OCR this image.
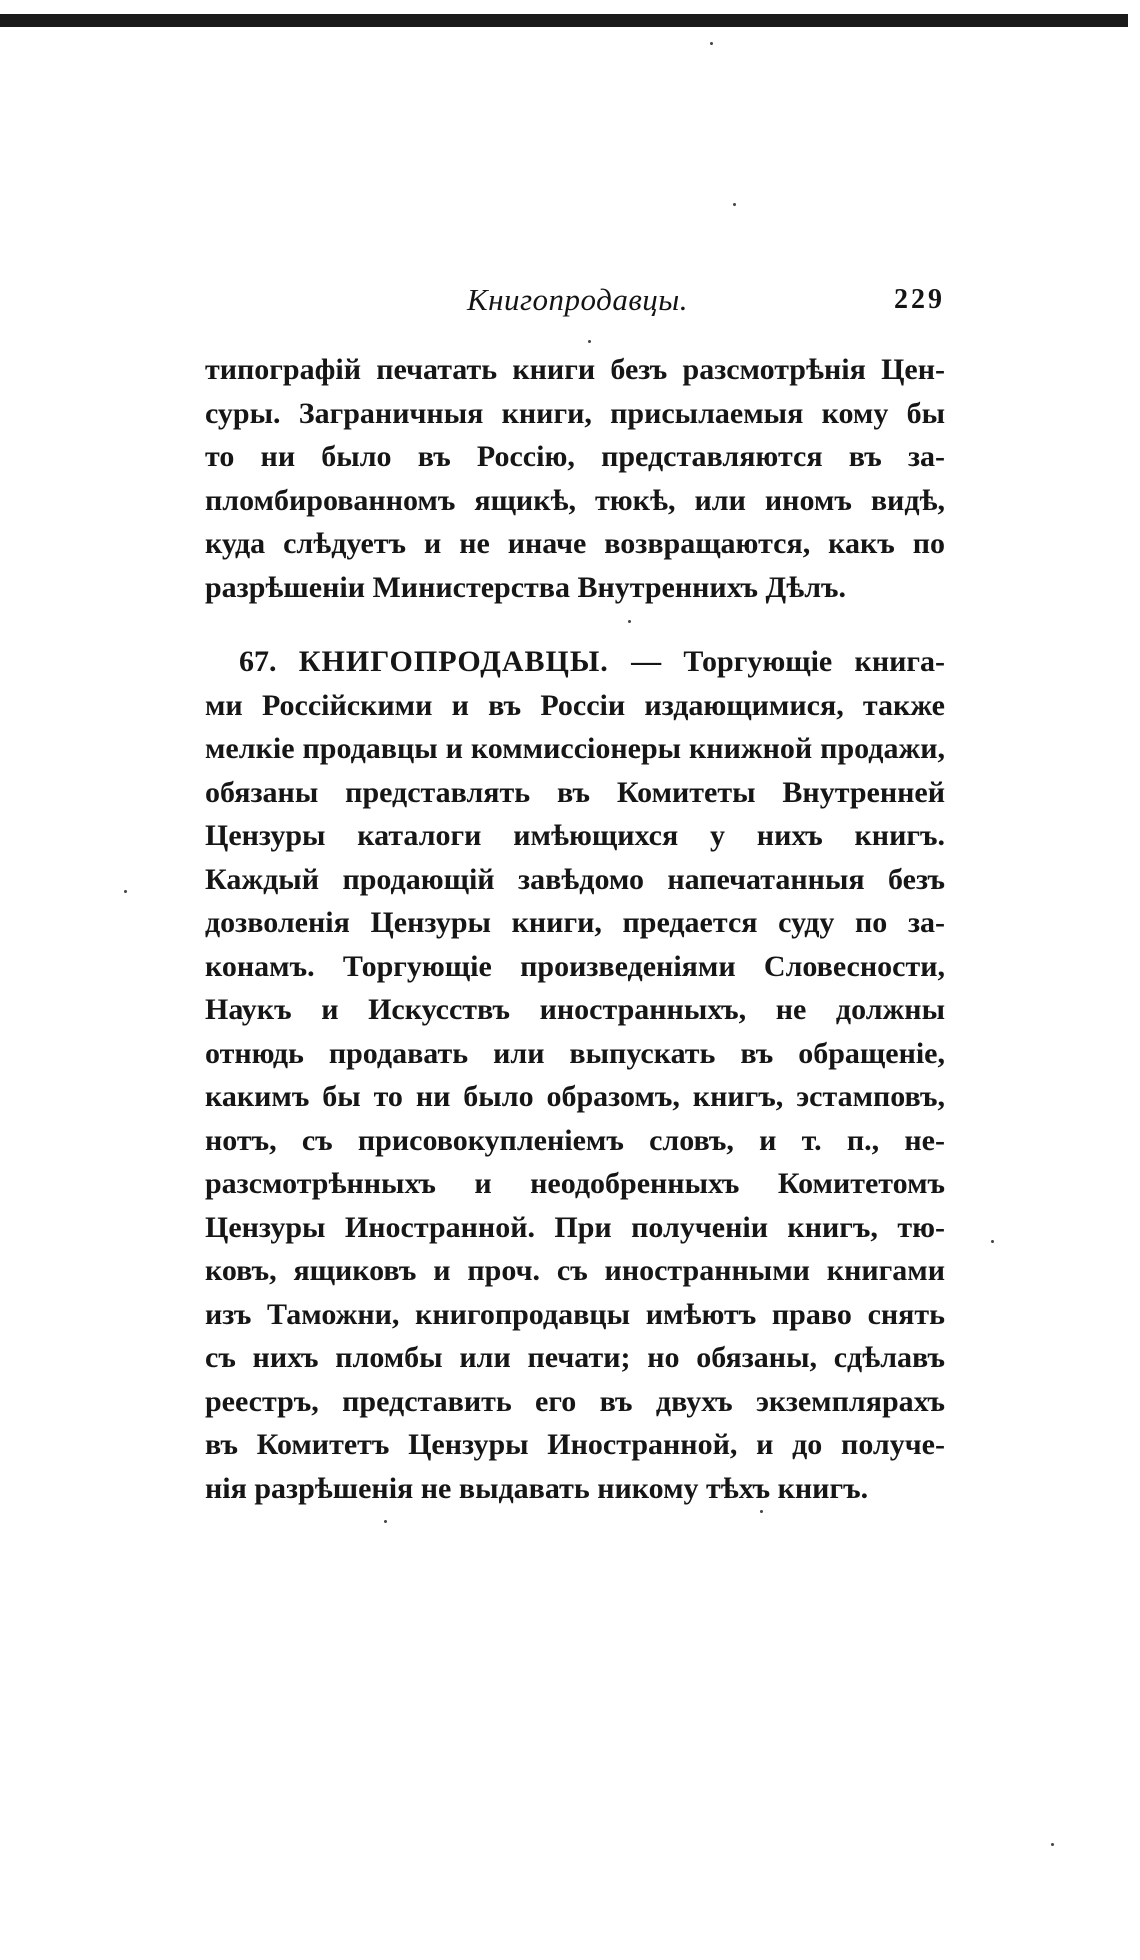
Книгопродавцы.	229
типографій печатать книги безъ разсмотрѣнія Цен-
суры. Заграничныя книги, присылаемыя кому бы
то ни было въ Россію, представляются въ за-
пломбированномъ ящикѣ, тюкѣ, или иномъ видѣ,
куда слѣдуетъ и не иначе возвращаются, какъ по
разрѣшеніи Министерства Внутреннихъ Дѣлъ.
67. КНИГОПРОДАВЦЫ. — Торгующіе книга-
ми Россійскими и въ Россіи издающимися, также
мелкіе продавцы и коммиссіонеры книжной продажи,
обязаны представлять въ Комитеты Внутренней
Цензуры каталоги имѣющихся у нихъ книгъ.
Каждый продающій завѣдомо напечатанныя безъ
дозволенія Цензуры книги, предается суду по за-
конамъ. Торгующіе произведеніями Словесности,
Наукъ и Искусствъ иностранныхъ, не должны
отнюдь продавать или выпускать въ обращеніе,
какимъ бы то ни было образомъ, книгъ, эстамповъ,
нотъ, съ присовокупленіемъ словъ, и т. п., не-
разсмотрѣнныхъ и неодобренныхъ Комитетомъ
Цензуры Иностранной. При полученіи книгъ, тю-
ковъ, ящиковъ и проч. съ иностранными книгами
изъ Таможни, книгопродавцы имѣютъ право снять
съ нихъ пломбы или печати; но обязаны, сдѣлавъ
реестръ, представить его въ двухъ экземплярахъ
въ Комитетъ Цензуры Иностранной, и до получе-
нія разрѣшенія не выдавать никому тѣхъ книгъ.
